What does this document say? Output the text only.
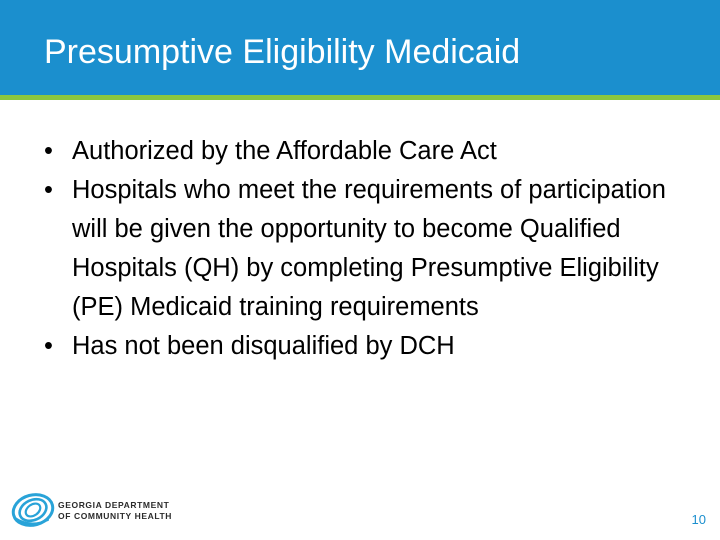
Presumptive Eligibility Medicaid
• Authorized by the Affordable Care Act
• Hospitals who meet the requirements of participation will be given the opportunity to become Qualified Hospitals (QH) by completing Presumptive Eligibility (PE) Medicaid training requirements
• Has not been disqualified by DCH
GEORGIA DEPARTMENT
OF COMMUNITY HEALTH	10
